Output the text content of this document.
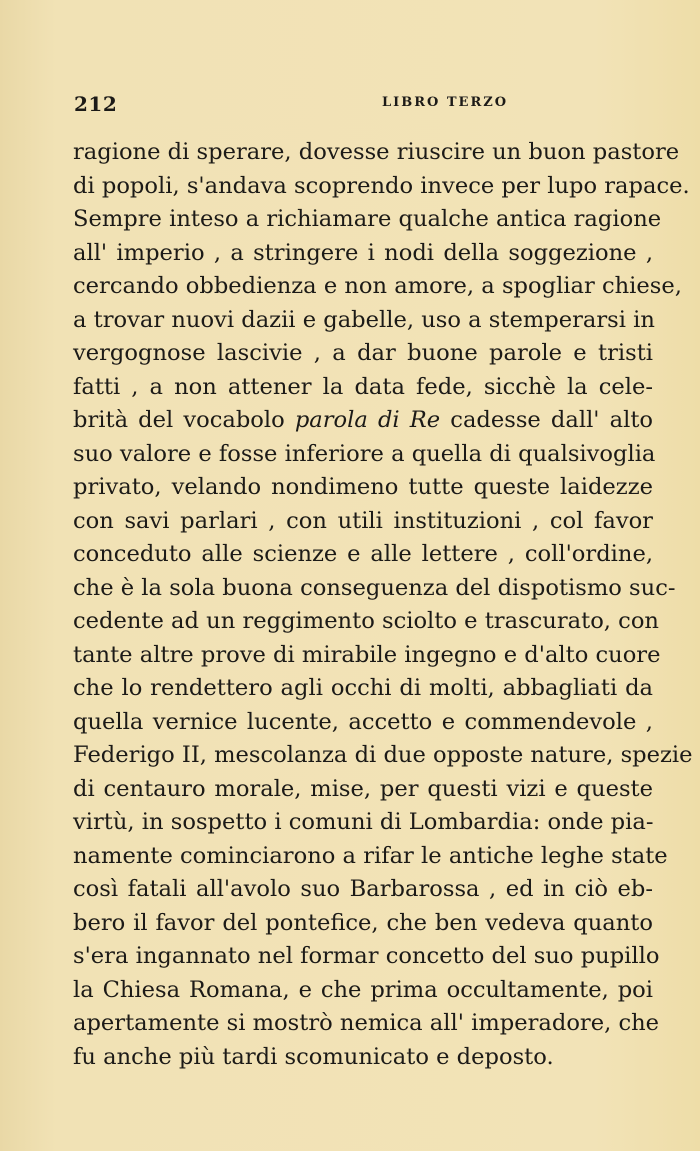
212	LIBRO TERZO
ragione di sperare, dovesse riuscire un buon pastore
di popoli, s'andava scoprendo invece per lupo rapace.
Sempre inteso a richiamare qualche antica ragione
all' imperio , a stringere i nodi della soggezione ,
cercando obbedienza e non amore, a spogliar chiese,
a trovar nuovi dazii e gabelle, uso a stemperarsi in
vergognose lascivie , a dar buone parole e tristi
fatti , a non attener la data fede, sicchè la cele-
brità del vocabolo parola di Re cadesse dall' alto
suo valore e fosse inferiore a quella di qualsivoglia
privato, velando nondimeno tutte queste laidezze
con savi parlari , con utili instituzioni , col favor
conceduto alle scienze e alle lettere , coll'ordine,
che è la sola buona conseguenza del dispotismo suc-
cedente ad un reggimento sciolto e trascurato, con
tante altre prove di mirabile ingegno e d'alto cuore
che lo rendettero agli occhi di molti, abbagliati da
quella vernice lucente, accetto e commendevole ,
Federigo II, mescolanza di due opposte nature, spezie
di centauro morale, mise, per questi vizi e queste
virtù, in sospetto i comuni di Lombardia: onde pia-
namente cominciarono a rifar le antiche leghe state
così fatali all'avolo suo Barbarossa , ed in ciò eb-
bero il favor del pontefice, che ben vedeva quanto
s'era ingannato nel formar concetto del suo pupillo
la Chiesa Romana, e che prima occultamente, poi
apertamente si mostrò nemica all' imperadore, che
fu anche più tardi scomunicato e deposto.
